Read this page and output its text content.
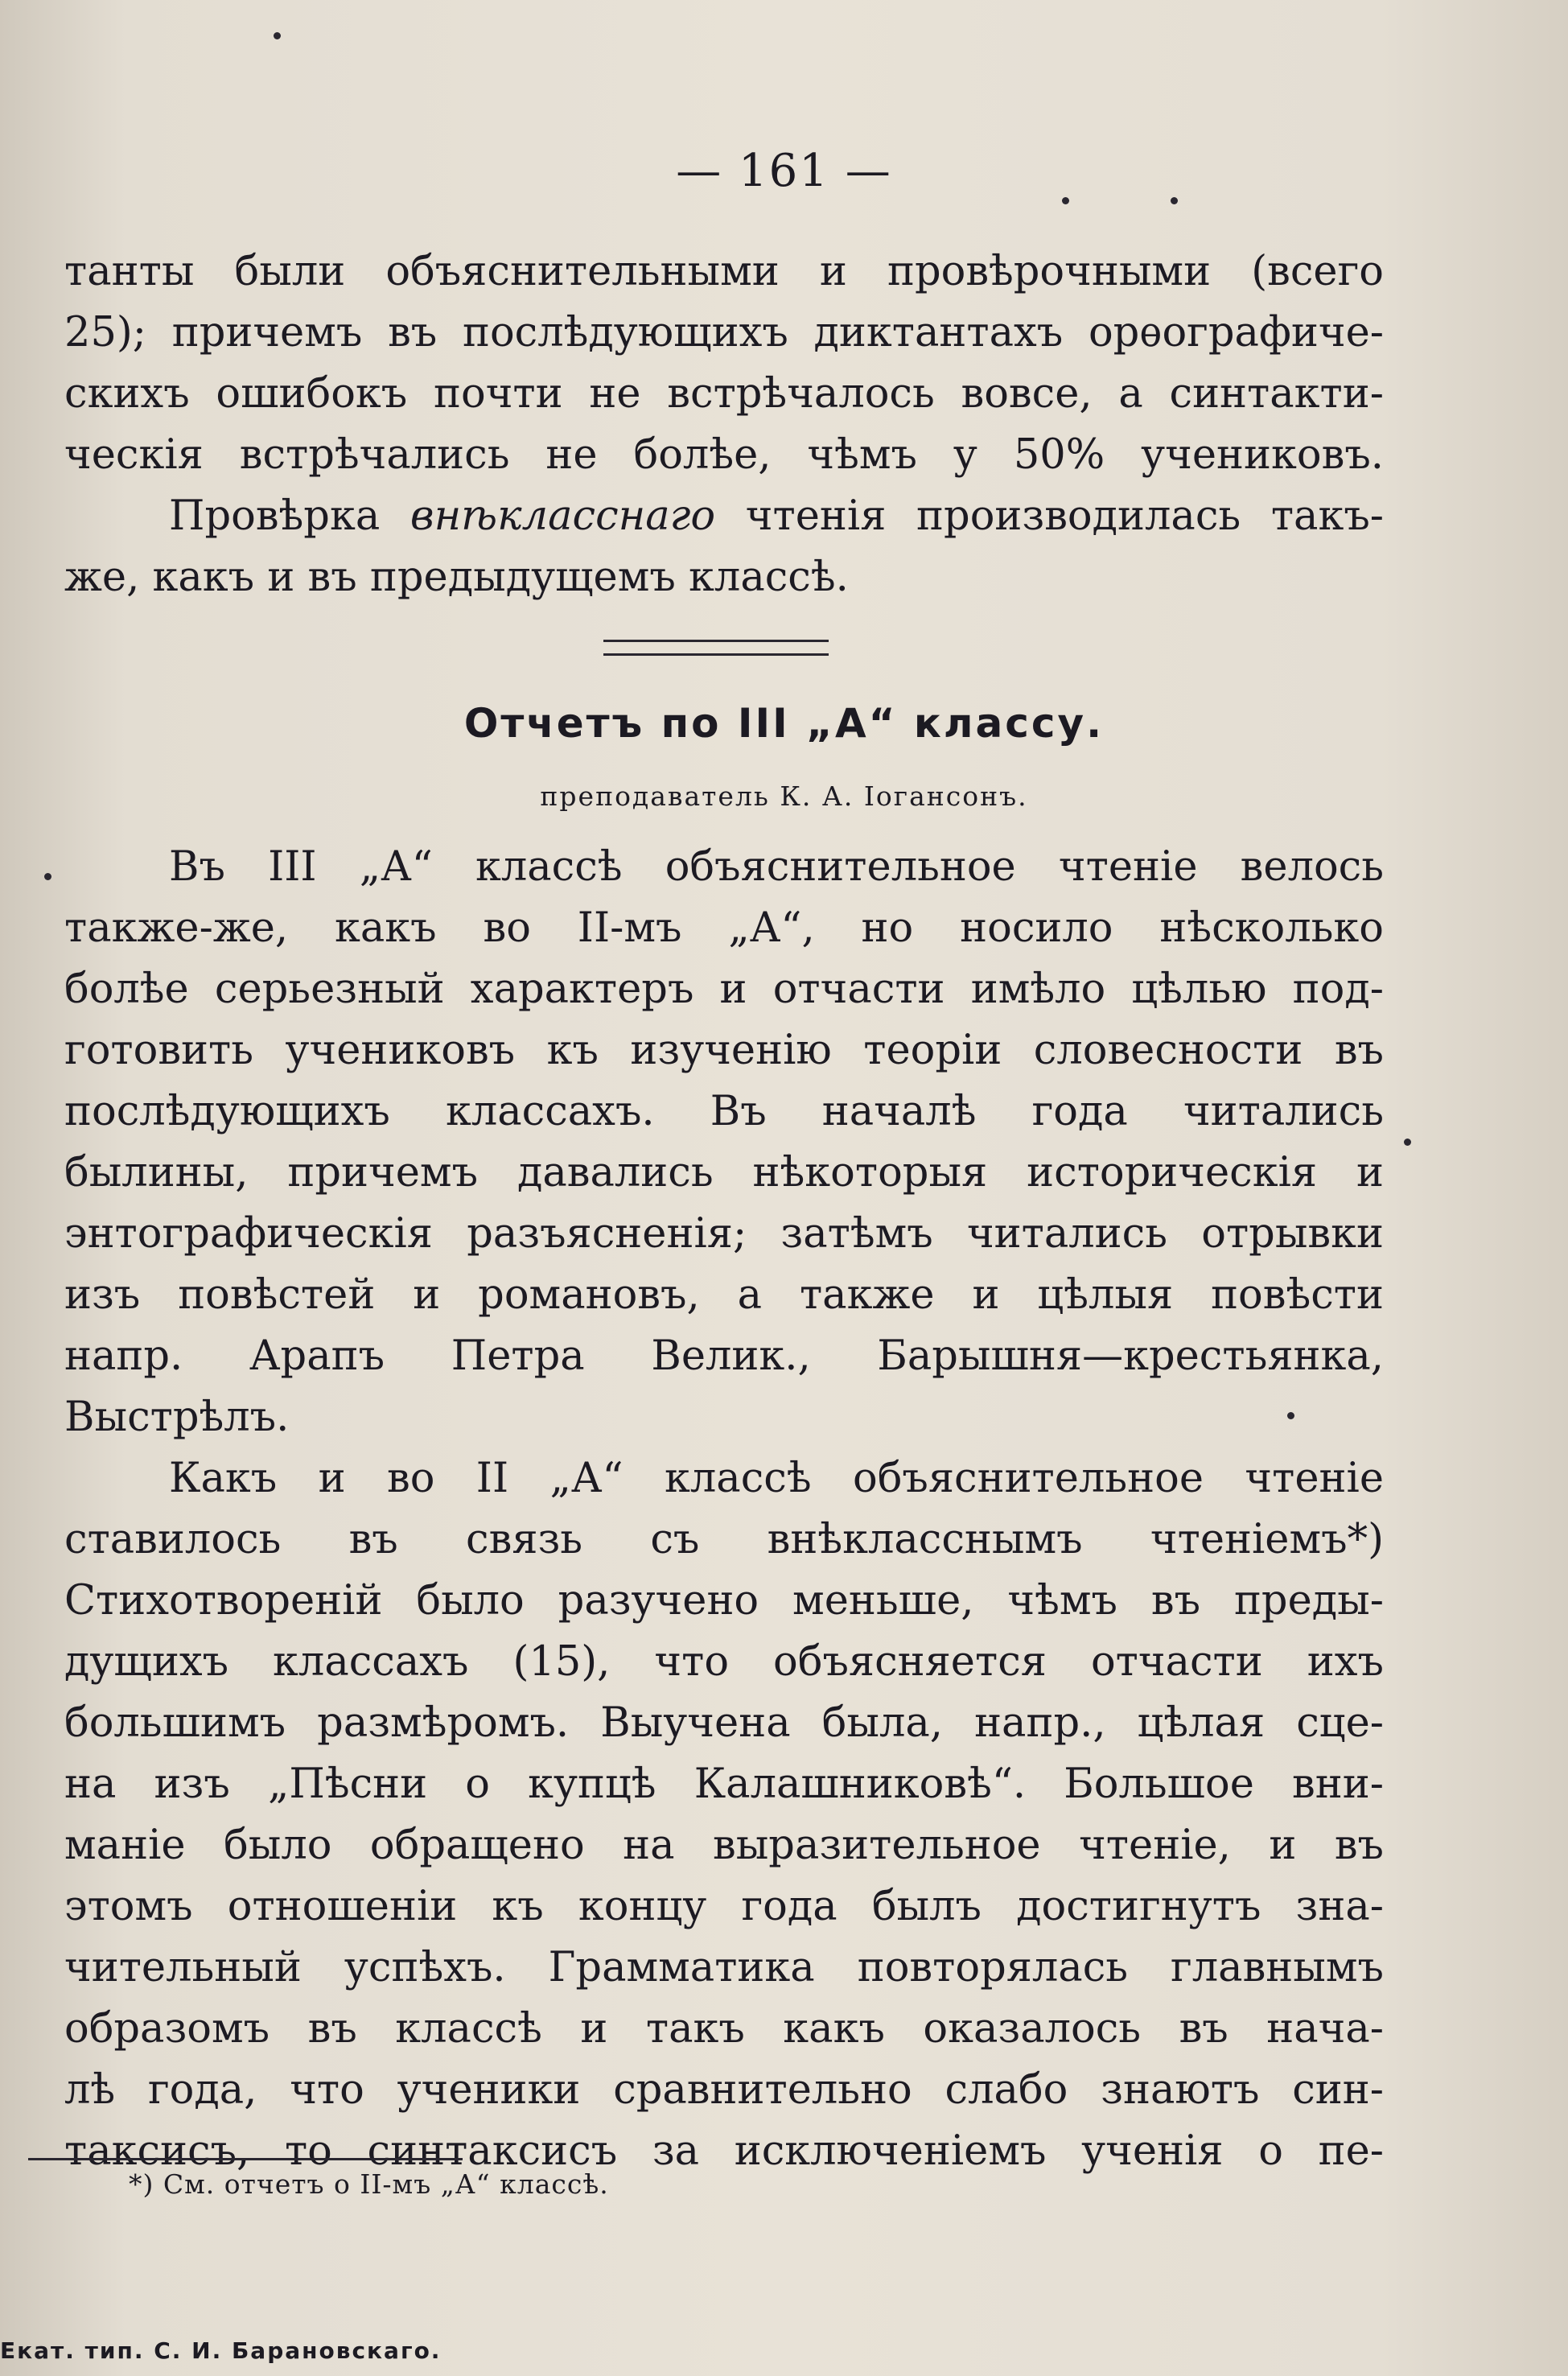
— 161 —
танты были объяснительными и провѣрочными (всего
25); причемъ въ послѣдующихъ диктантахъ орѳографиче-
скихъ ошибокъ почти не встрѣчалось вовсе, а синтакти-
ческія встрѣчались не болѣе, чѣмъ у 50% учениковъ.
Провѣрка внѣкласснаго чтенія производилась такъ-
же, какъ и въ предыдущемъ классѣ.
Отчетъ по III „А“ классу.
преподаватель К. А. Іогансонъ.
Въ III „А“ классѣ объяснительное чтеніе велось
также-же, какъ во II-мъ „А“, но носило нѣсколько
болѣе серьезный характеръ и отчасти имѣло цѣлью под-
готовить учениковъ къ изученію теоріи словесности въ
послѣдующихъ классахъ. Въ началѣ года читались
былины, причемъ давались нѣкоторыя историческія и
энтографическія разъясненія; затѣмъ читались отрывки
изъ повѣстей и романовъ, а также и цѣлыя повѣсти
напр. Арапъ Петра Велик., Барышня—крестьянка,
Выстрѣлъ.
Какъ и во II „А“ классѣ объяснительное чтеніе
ставилось въ связь съ внѣкласснымъ чтеніемъ*)
Стихотвореній было разучено меньше, чѣмъ въ преды-
дущихъ классахъ (15), что объясняется отчасти ихъ
большимъ размѣромъ. Выучена была, напр., цѣлая сце-
на изъ „Пѣсни о купцѣ Калашниковѣ“. Большое вни-
маніе было обращено на выразительное чтеніе, и въ
этомъ отношеніи къ концу года былъ достигнутъ зна-
чительный успѣхъ. Грамматика повторялась главнымъ
образомъ въ классѣ и такъ какъ оказалось въ нача-
лѣ года, что ученики сравнительно слабо знаютъ син-
таксисъ, то синтаксисъ за исключеніемъ ученія о пе-
*) См. отчетъ о II-мъ „А“ классѣ.
Екат. тип. С. И. Барановскаго.
